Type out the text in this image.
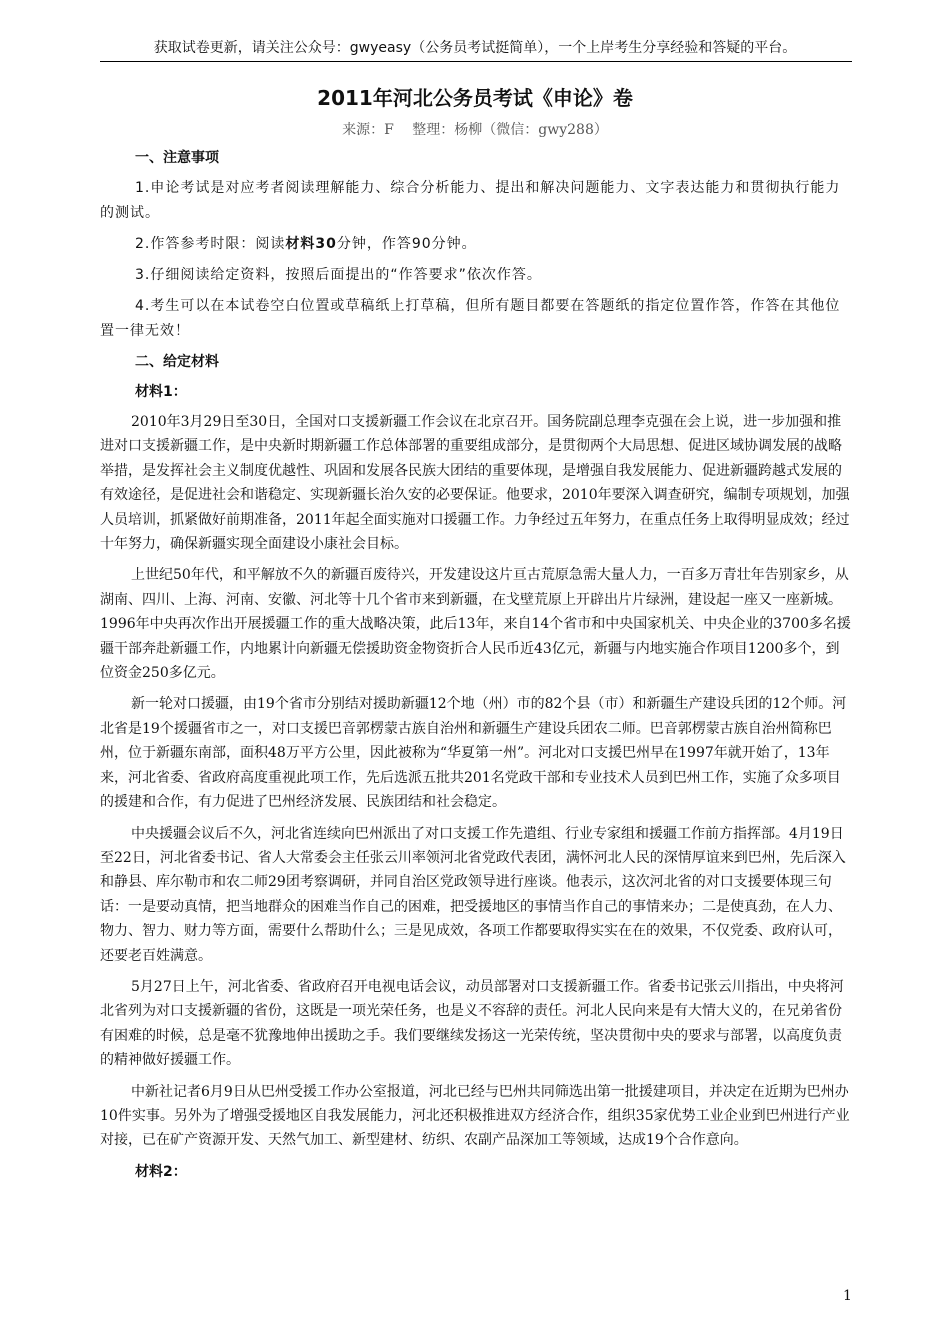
获取试卷更新，请关注公众号：gwyeasy（公务员考试挺简单），一个上岸考生分享经验和答疑的平台。
2011年河北公务员考试《申论》卷
来源：F 整理：杨柳（微信：gwy288）

一、注意事项

1.申论考试是对应考者阅读理解能力、综合分析能力、提出和解决问题能力、文字表达能力和贯彻执行能力的测试。

2.作答参考时限：阅读材料30分钟，作答90分钟。

3.仔细阅读给定资料，按照后面提出的“作答要求”依次作答。

4.考生可以在本试卷空白位置或草稿纸上打草稿，但所有题目都要在答题纸的指定位置作答，作答在其他位置一律无效！

二、给定材料

材料1：

2010年3月29日至30日，全国对口支援新疆工作会议在北京召开。国务院副总理李克强在会上说，进一步加强和推进对口支援新疆工作，是中央新时期新疆工作总体部署的重要组成部分，是贯彻两个大局思想、促进区域协调发展的战略举措，是发挥社会主义制度优越性、巩固和发展各民族大团结的重要体现，是增强自我发展能力、促进新疆跨越式发展的有效途径，是促进社会和谐稳定、实现新疆长治久安的必要保证。他要求，2010年要深入调查研究，编制专项规划，加强人员培训，抓紧做好前期准备，2011年起全面实施对口援疆工作。力争经过五年努力，在重点任务上取得明显成效；经过十年努力，确保新疆实现全面建设小康社会目标。

上世纪50年代，和平解放不久的新疆百废待兴，开发建设这片亘古荒原急需大量人力，一百多万青壮年告别家乡，从湖南、四川、上海、河南、安徽、河北等十几个省市来到新疆，在戈壁荒原上开辟出片片绿洲，建设起一座又一座新城。1996年中央再次作出开展援疆工作的重大战略决策，此后13年，来自14个省市和中央国家机关、中央企业的3700多名援疆干部奔赴新疆工作，内地累计向新疆无偿援助资金物资折合人民币近43亿元，新疆与内地实施合作项目1200多个，到位资金250多亿元。

新一轮对口援疆，由19个省市分别结对援助新疆12个地（州）市的82个县（市）和新疆生产建设兵团的12个师。河北省是19个援疆省市之一，对口支援巴音郭楞蒙古族自治州和新疆生产建设兵团农二师。巴音郭楞蒙古族自治州简称巴州，位于新疆东南部，面积48万平方公里，因此被称为“华夏第一州”。河北对口支援巴州早在1997年就开始了，13年来，河北省委、省政府高度重视此项工作，先后选派五批共201名党政干部和专业技术人员到巴州工作，实施了众多项目的援建和合作，有力促进了巴州经济发展、民族团结和社会稳定。

中央援疆会议后不久，河北省连续向巴州派出了对口支援工作先遣组、行业专家组和援疆工作前方指挥部。4月19日至22日，河北省委书记、省人大常委会主任张云川率领河北省党政代表团，满怀河北人民的深情厚谊来到巴州，先后深入和静县、库尔勒市和农二师29团考察调研，并同自治区党政领导进行座谈。他表示，这次河北省的对口支援要体现三句话：一是要动真情，把当地群众的困难当作自己的困难，把受援地区的事情当作自己的事情来办；二是使真劲，在人力、物力、智力、财力等方面，需要什么帮助什么；三是见成效，各项工作都要取得实实在在的效果，不仅党委、政府认可，还要老百姓满意。

5月27日上午，河北省委、省政府召开电视电话会议，动员部署对口支援新疆工作。省委书记张云川指出，中央将河北省列为对口支援新疆的省份，这既是一项光荣任务，也是义不容辞的责任。河北人民向来是有大情大义的，在兄弟省份有困难的时候，总是毫不犹豫地伸出援助之手。我们要继续发扬这一光荣传统，坚决贯彻中央的要求与部署，以高度负责的精神做好援疆工作。

中新社记者6月9日从巴州受援工作办公室报道，河北已经与巴州共同筛选出第一批援建项目，并决定在近期为巴州办10件实事。另外为了增强受援地区自我发展能力，河北还积极推进双方经济合作，组织35家优势工业企业到巴州进行产业对接，已在矿产资源开发、天然气加工、新型建材、纺织、农副产品深加工等领域，达成19个合作意向。

材料2：

1
